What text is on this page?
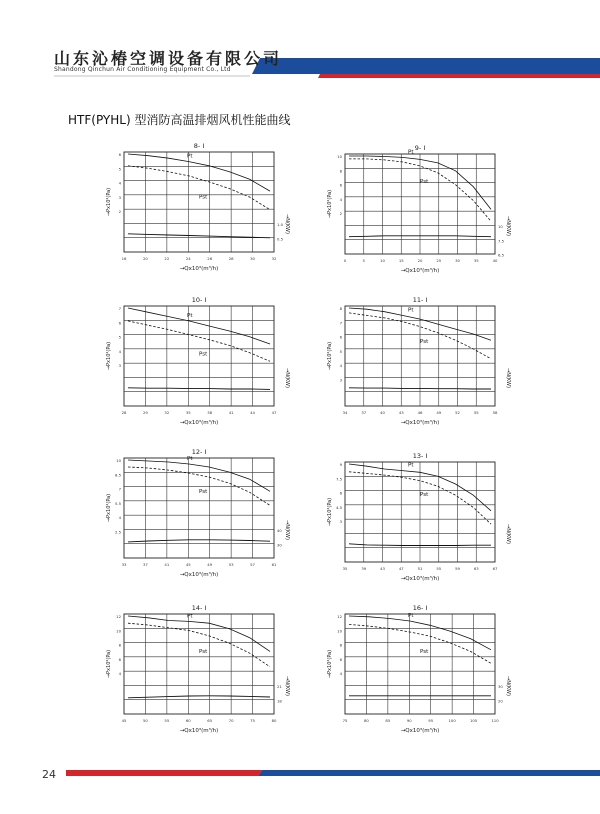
山东沁椿空调设备有限公司
Shandong Qinchun Air Conditioning Equipment Co., Ltd
HTF(PYHL) 型消防高温排烟风机性能曲线
8- I
6
5
4
3
2
1.0
0.5
16	20	22	24	26	28	30	32
→Px10²(Pa)
→N(KW)
→Qx10³(m³/h)
Pt
Pst
9- I
10
8
6
4
2
10
7.5
6.5
0	5	10	15	20	25	30	35	40
→Px10²(Pa)
→N(KW)
→Qx10³(m³/h)
Pt
Pst
10- I
7
6
5
4
3
28	29	32	35	38	41	44	47
→Px10²(Pa)
→N(KW)
→Qx10³(m³/h)
Pt
Pst
11- I
8
7
6
5
4
3
34	37	40	43	46	49	52	55	58
→Px10²(Pa)
→N(KW)
→Qx10³(m³/h)
Pt
Pst
12- I
10
8.5
7
5.5
4
2.5	40
30
33	37	41	45	49	53	57	61
→Px10²(Pa)
→N(KW)
→Qx10³(m³/h)
Pt
Pst
13- I
9
7.5
6
4.5
3
35	39	43	47	51	55	59	63	67
→Px10²(Pa)
→N(KW)
→Qx10³(m³/h)
Pt
Pst
14- I
12
10
8
6
4
21
18
45	50	55	60	65	70	75	80
→Px10²(Pa)
→N(KW)
→Qx10³(m³/h)
Pt
Pst
16- I
12
10
8
6
4
30
20
75	80	85	90	95	100	105	110
→Px10²(Pa)
→N(KW)
→Qx10³(m³/h)
Pt
Pst
24
